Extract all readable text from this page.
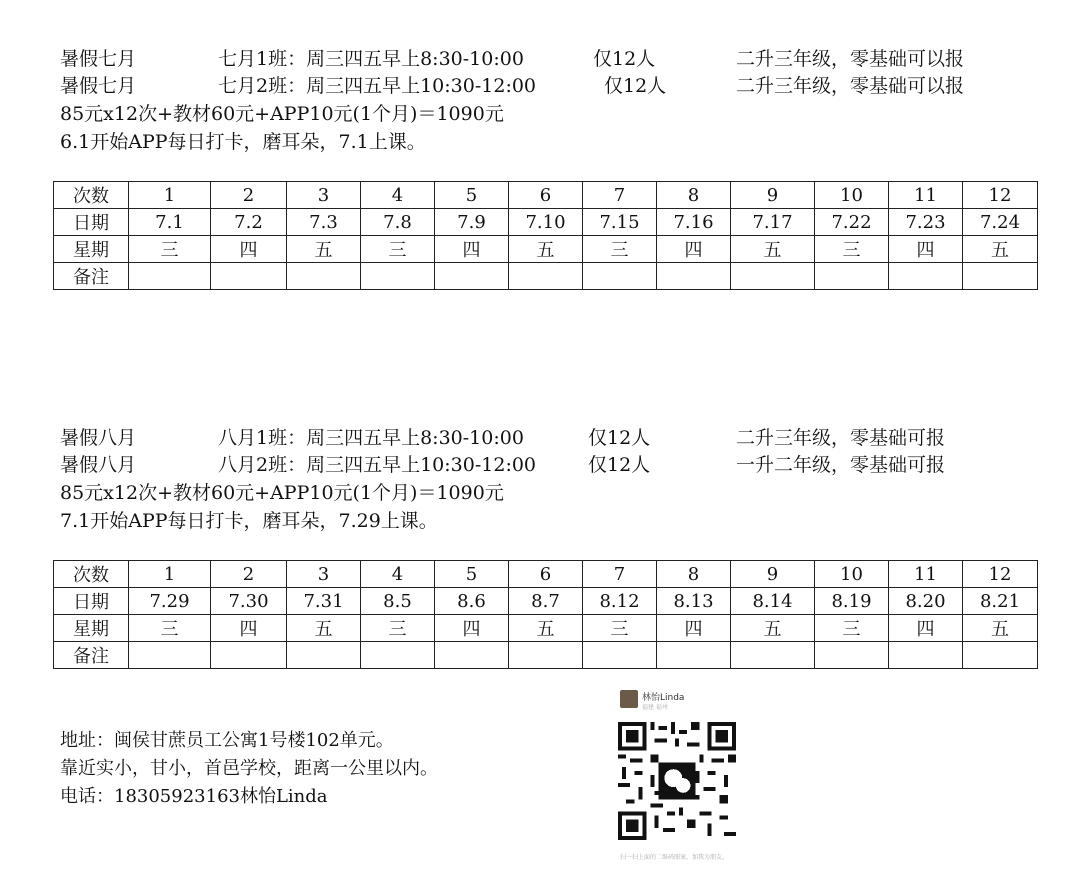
暑假七月	七月1班：周三四五早上8:30-10:00	仅12人	二升三年级，零基础可以报
暑假七月	七月2班：周三四五早上10:30-12:00	仅12人	二升三年级，零基础可以报
85元x12次+教材60元+APP10元(1个月)＝1090元
6.1开始APP每日打卡，磨耳朵，7.1上课。
次数	1	2	3	4	5	6	7	8	9	10	11	12
日期	7.1	7.2	7.3	7.8	7.9	7.10	7.15	7.16	7.17	7.22	7.23	7.24
星期	三	四	五	三	四	五	三	四	五	三	四	五
备注												
暑假八月	八月1班：周三四五早上8:30-10:00	仅12人	二升三年级，零基础可报
暑假八月	八月2班：周三四五早上10:30-12:00	仅12人	一升二年级，零基础可报
85元x12次+教材60元+APP10元(1个月)＝1090元
7.1开始APP每日打卡，磨耳朵，7.29上课。
次数	1	2	3	4	5	6	7	8	9	10	11	12
日期	7.29	7.30	7.31	8.5	8.6	8.7	8.12	8.13	8.14	8.19	8.20	8.21
星期	三	四	五	三	四	五	三	四	五	三	四	五
备注												
地址：闽侯甘蔗员工公寓1号楼102单元。
靠近实小，甘小，首邑学校，距离一公里以内。
电话：18305923163林怡Linda
林怡Linda
福建 福州
扫一扫上面的二维码图案，加我为朋友。
